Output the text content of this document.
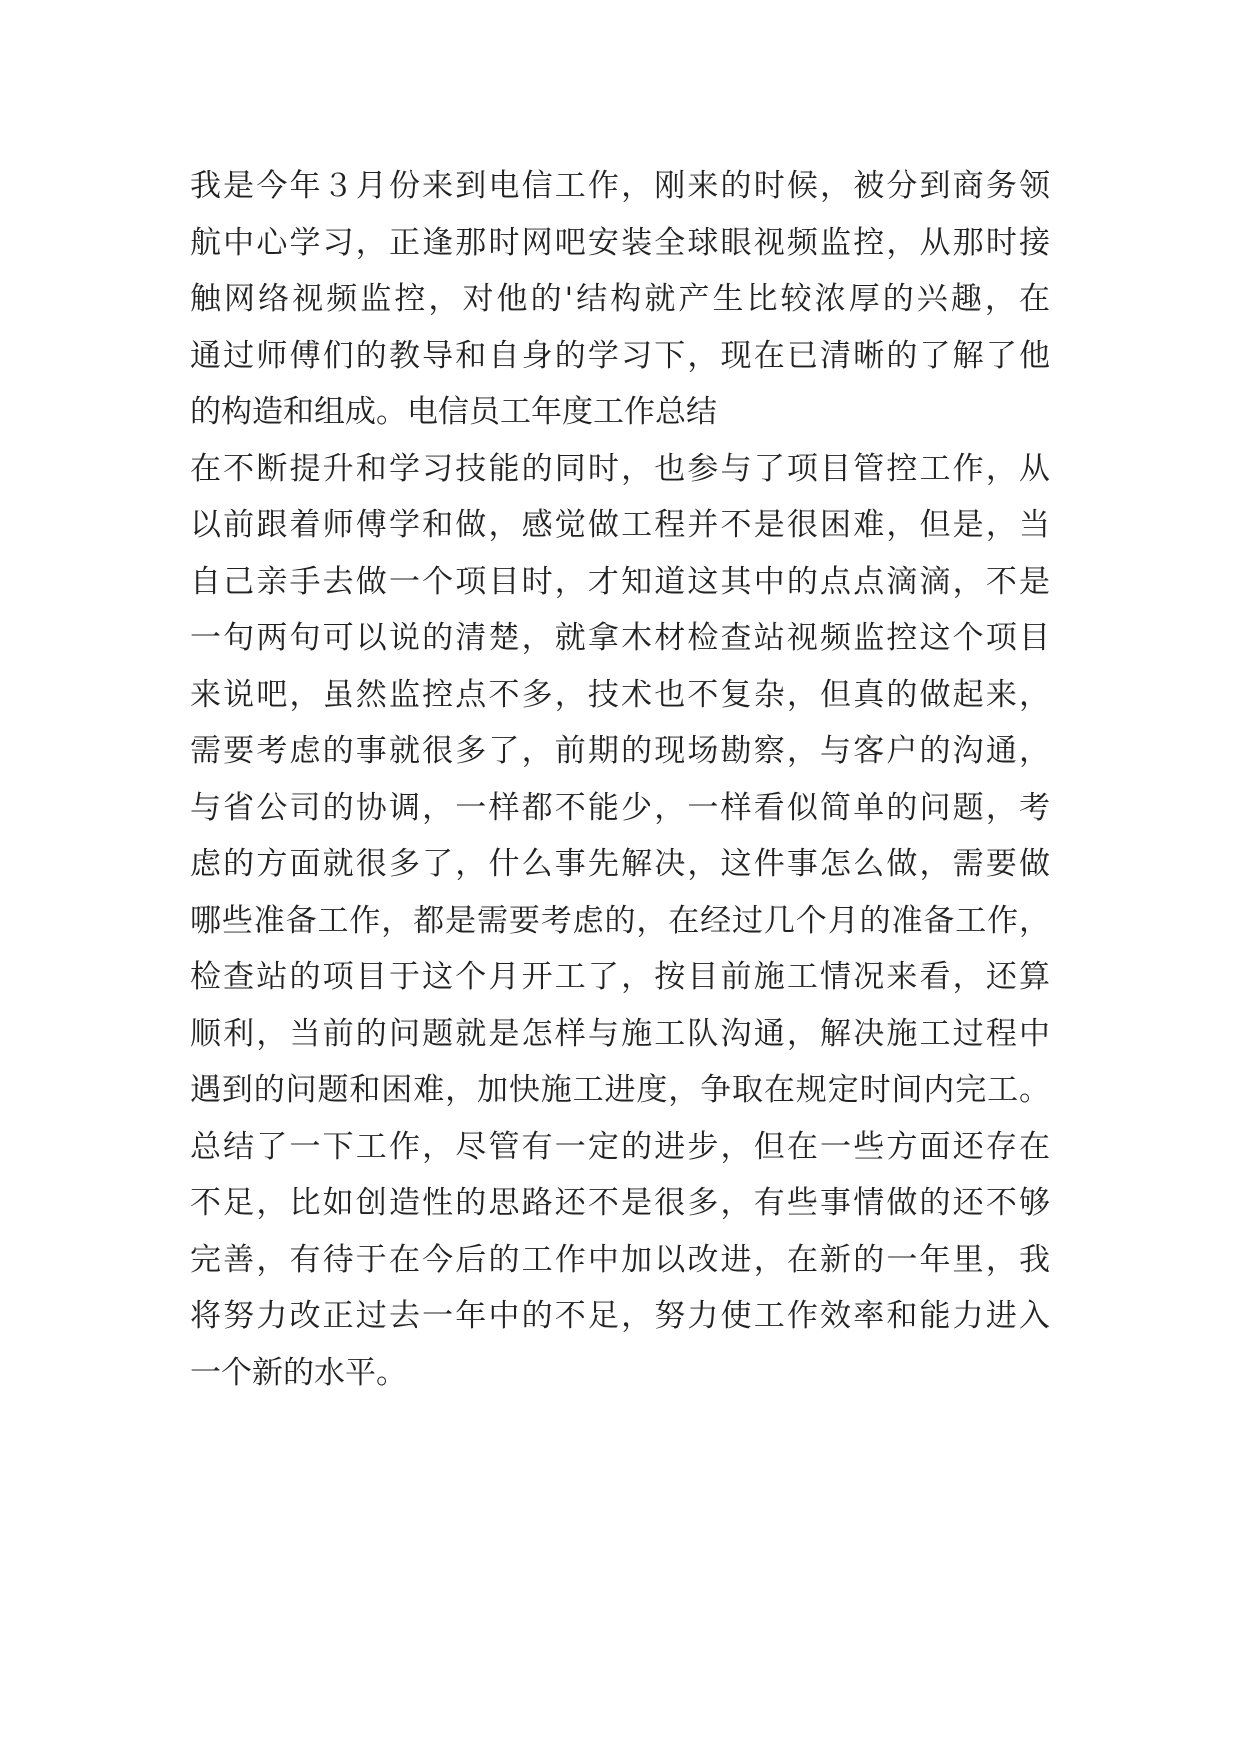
我是今年３月份来到电信工作，刚来的时候，被分到商务领
航中心学习，正逢那时网吧安装全球眼视频监控，从那时接
触网络视频监控，对他的'结构就产生比较浓厚的兴趣，在
通过师傅们的教导和自身的学习下，现在已清晰的了解了他
的构造和组成。电信员工年度工作总结
在不断提升和学习技能的同时，也参与了项目管控工作，从
以前跟着师傅学和做，感觉做工程并不是很困难，但是，当
自己亲手去做一个项目时，才知道这其中的点点滴滴，不是
一句两句可以说的清楚，就拿木材检查站视频监控这个项目
来说吧，虽然监控点不多，技术也不复杂，但真的做起来，
需要考虑的事就很多了，前期的现场勘察，与客户的沟通，
与省公司的协调，一样都不能少，一样看似简单的问题，考
虑的方面就很多了，什么事先解决，这件事怎么做，需要做
哪些准备工作，都是需要考虑的，在经过几个月的准备工作，
检查站的项目于这个月开工了，按目前施工情况来看，还算
顺利，当前的问题就是怎样与施工队沟通，解决施工过程中
遇到的问题和困难，加快施工进度，争取在规定时间内完工。
总结了一下工作，尽管有一定的进步，但在一些方面还存在
不足，比如创造性的思路还不是很多，有些事情做的还不够
完善，有待于在今后的工作中加以改进，在新的一年里，我
将努力改正过去一年中的不足，努力使工作效率和能力进入
一个新的水平。
